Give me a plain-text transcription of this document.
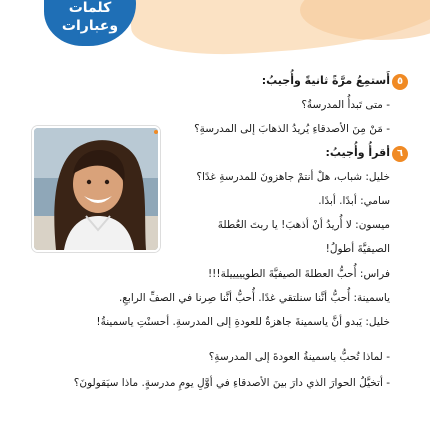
كلمات
وعبارات
٥
أَستمِعُ مرَّةً ثانيةً وأُجيبُ:
- متى تَبدأُ المدرسةُ؟
- مَنْ مِنَ الأصدقاءِ يُريدُ الذهابَ إلى المدرسةِ؟
٦
أقرأُ وأُجيبُ:
خليل: شباب، هلْ أنتمْ جاهزونَ للمدرسةِ غدًا؟
سامي: أبدًا. أبدًا.
ميسون: لا أُريدُ أنْ أذهبَ! يا ربتَ العُطلةَ
الصيفيَّةَ أطولُ!
فراس: أُحبُّ العطلةَ الصيفيَّةَ الطويييييلة!!!
ياسمينة: أُحبُّ أنَّنا سنلتقي غدًا. أُحبُّ أنَّنا صِرنا في الصفِّ الرابعِ.
خليل: يَبدو أنَّ ياسمينةَ جاهزةٌ للعودةِ إلى المدرسةِ. أحسنْتِ ياسمينةُ!
- لماذا تُحبُّ ياسمينةُ العودةَ إلى المدرسةِ؟
- أتخيَّلُ الحوارَ الذي دارَ بينَ الأصدقاءِ في أوَّلِ يومِ مدرسةٍ. ماذا سيَقولونَ؟
